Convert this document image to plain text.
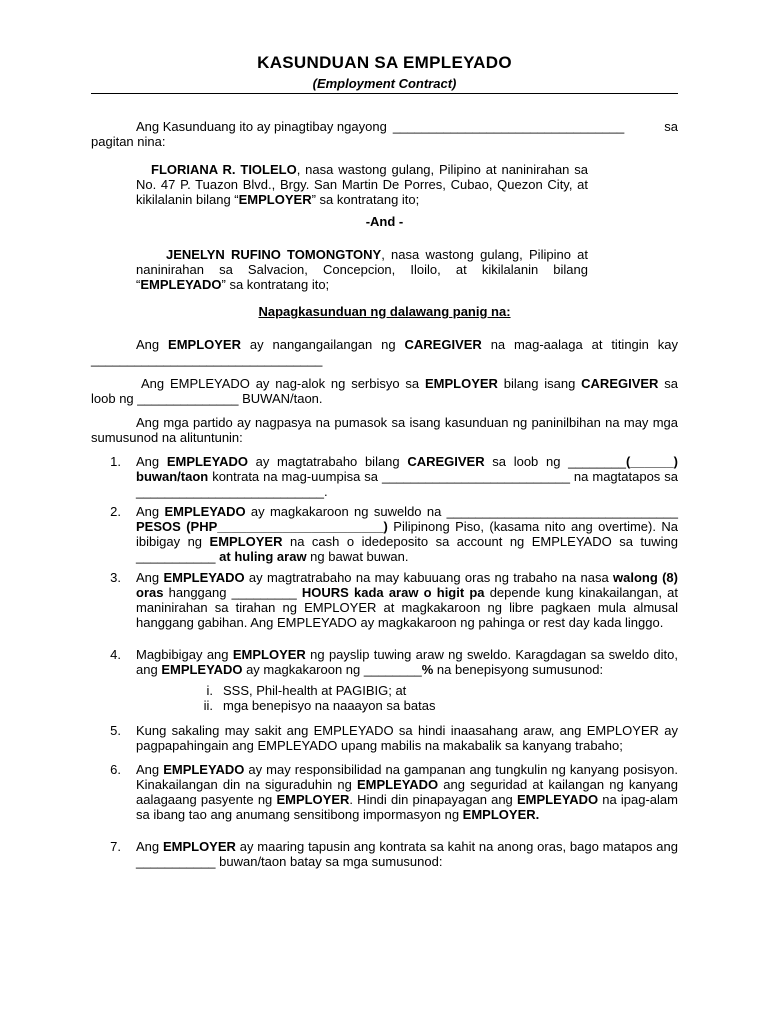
KASUNDUAN SA EMPLEYADO
(Employment Contract)
Ang Kasunduang ito ay pinagtibay ngayong ________________________________	sa
pagitan nina:
FLORIANA R. TIOLELO, nasa wastong gulang, Pilipino at naninirahan sa No. 47 P. Tuazon Blvd., Brgy. San Martin De Porres, Cubao, Quezon City, at kikilalanin bilang “EMPLOYER” sa kontratang ito;
-And -
JENELYN RUFINO TOMONGTONY, nasa wastong gulang, Pilipino at naninirahan sa Salvacion, Concepcion, Iloilo, at kikilalanin bilang “EMPLEYADO” sa kontratang ito;
Napagkasunduan ng dalawang panig na:
Ang EMPLOYER ay nangangailangan ng CAREGIVER na mag-aalaga at titingin kay ________________________________
Ang EMPLEYADO ay nag-alok ng serbisyo sa EMPLOYER bilang isang CAREGIVER sa loob ng ______________ BUWAN/taon.
Ang mga partido ay nagpasya na pumasok sa isang kasunduan ng paninilbihan na may mga sumusunod na alituntunin:
1. Ang EMPLEYADO ay magtatrabaho bilang CAREGIVER sa loob ng ________(______) buwan/taon kontrata na mag-uumpisa sa __________________________ na magtatapos sa __________________________.
2. Ang EMPLEYADO ay magkakaroon ng suweldo na ________________________________ PESOS (PHP_______________________) Pilipinong Piso, (kasama nito ang overtime). Na ibibigay ng EMPLOYER na cash o idedeposito sa account ng EMPLEYADO sa tuwing ___________ at huling araw ng bawat buwan.
3. Ang EMPLEYADO ay magtratrabaho na may kabuuang oras ng trabaho na nasa walong (8) oras hanggang _________ HOURS kada araw o higit pa depende kung kinakailangan, at maninirahan sa tirahan ng EMPLOYER at magkakaroon ng libre pagkaen mula almusal hanggang gabihan. Ang EMPLEYADO ay magkakaroon ng pahinga or rest day kada linggo.
4. Magbibigay ang EMPLOYER ng payslip tuwing araw ng sweldo. Karagdagan sa sweldo dito, ang EMPLEYADO ay magkakaroon ng ________% na benepisyong sumusunod:
i. SSS, Phil-health at PAGIBIG; at
ii. mga benepisyo na naaayon sa batas
5. Kung sakaling may sakit ang EMPLEYADO sa hindi inaasahang araw, ang EMPLOYER ay pagpapahingain ang EMPLEYADO upang mabilis na makabalik sa kanyang trabaho;
6. Ang EMPLEYADO ay may responsibilidad na gampanan ang tungkulin ng kanyang posisyon. Kinakailangan din na siguraduhin ng EMPLEYADO ang seguridad at kailangan ng kanyang aalagaang pasyente ng EMPLOYER. Hindi din pinapayagan ang EMPLEYADO na ipag-alam sa ibang tao ang anumang sensitibong impormasyon ng EMPLOYER.
7. Ang EMPLOYER ay maaring tapusin ang kontrata sa kahit na anong oras, bago matapos ang ___________ buwan/taon batay sa mga sumusunod:
